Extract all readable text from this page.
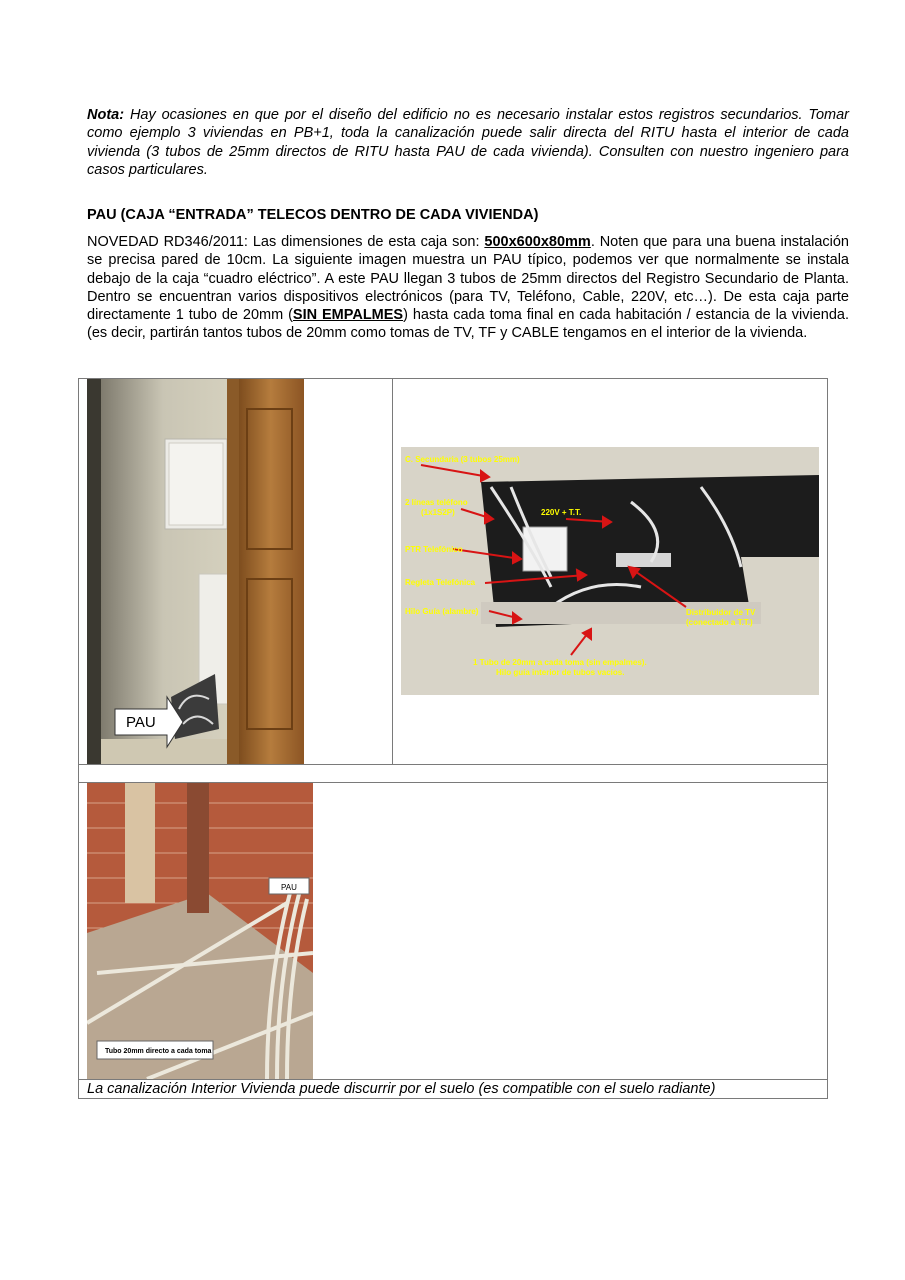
Nota: Hay ocasiones en que por el diseño del edificio no es necesario instalar estos registros secundarios. Tomar como ejemplo 3 viviendas en PB+1, toda la canalización puede salir directa del RITU hasta el interior de cada vivienda (3 tubos de 25mm directos de RITU hasta PAU de cada vivienda). Consulten con nuestro ingeniero para casos particulares.
PAU (CAJA “ENTRADA” TELECOS DENTRO DE CADA VIVIENDA)
NOVEDAD RD346/2011: Las dimensiones de esta caja son: 500x600x80mm. Noten que para una buena instalación se precisa pared de 10cm. La siguiente imagen muestra un PAU típico, podemos ver que normalmente se instala debajo de la caja “cuadro eléctrico”. A este PAU llegan 3 tubos de 25mm directos del Registro Secundario de Planta. Dentro se encuentran varios dispositivos electrónicos (para TV, Teléfono, Cable, 220V, etc…). De esta caja parte directamente 1 tubo de 20mm (SIN EMPALMES) hasta cada toma final en cada habitación / estancia de la vivienda. (es decir, partirán tantos tubos de 20mm como tomas de TV, TF y CABLE tengamos en el interior de la vivienda.
PAU

C. Secundaria (3 tubos 25mm)
2 líneas teléfono
(1x1S2P)	220V + T.T.
PTR Telefónico
Regleta Telefónica
Hilo Guía (alambre)	Distribuidor de TV
(conectado a T.T.)
1 Tubo de 20mm a cada toma (sin empalmes).
Hilo guía interior de tubos vacíos.

PAU
Tubo 20mm directo a cada toma

La canalización Interior Vivienda puede discurrir por el suelo (es compatible con el suelo radiante)
